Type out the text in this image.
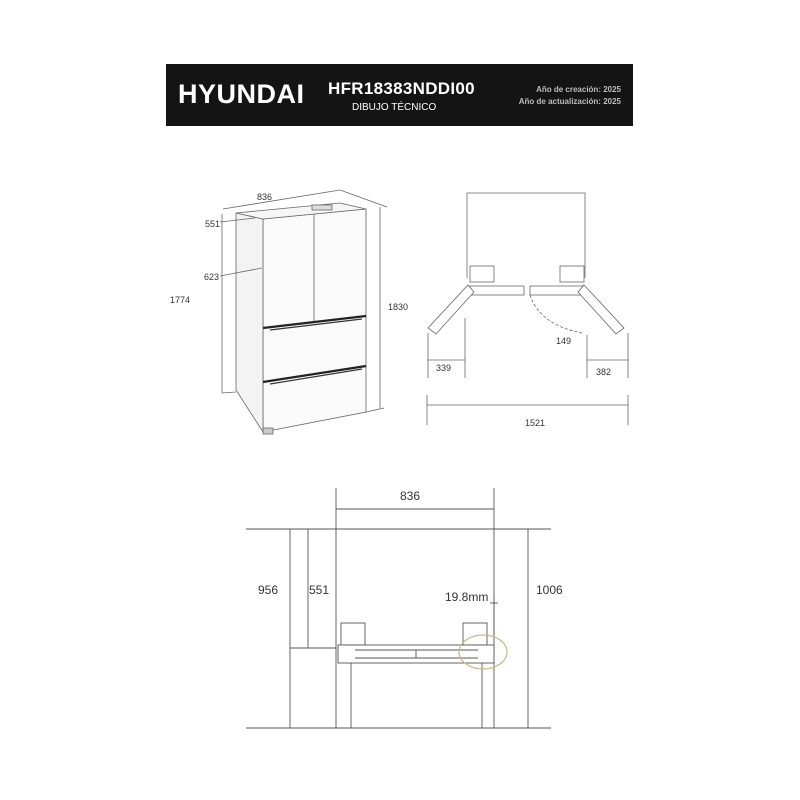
HYUNDAI HFR18383NDDI00
DIBUJO TÉCNICO
Año de creación: 2025
Año de actualización: 2025
836
551
623
1774
1830
339	382
149
1521
836
956	551	1006
19.8mm
